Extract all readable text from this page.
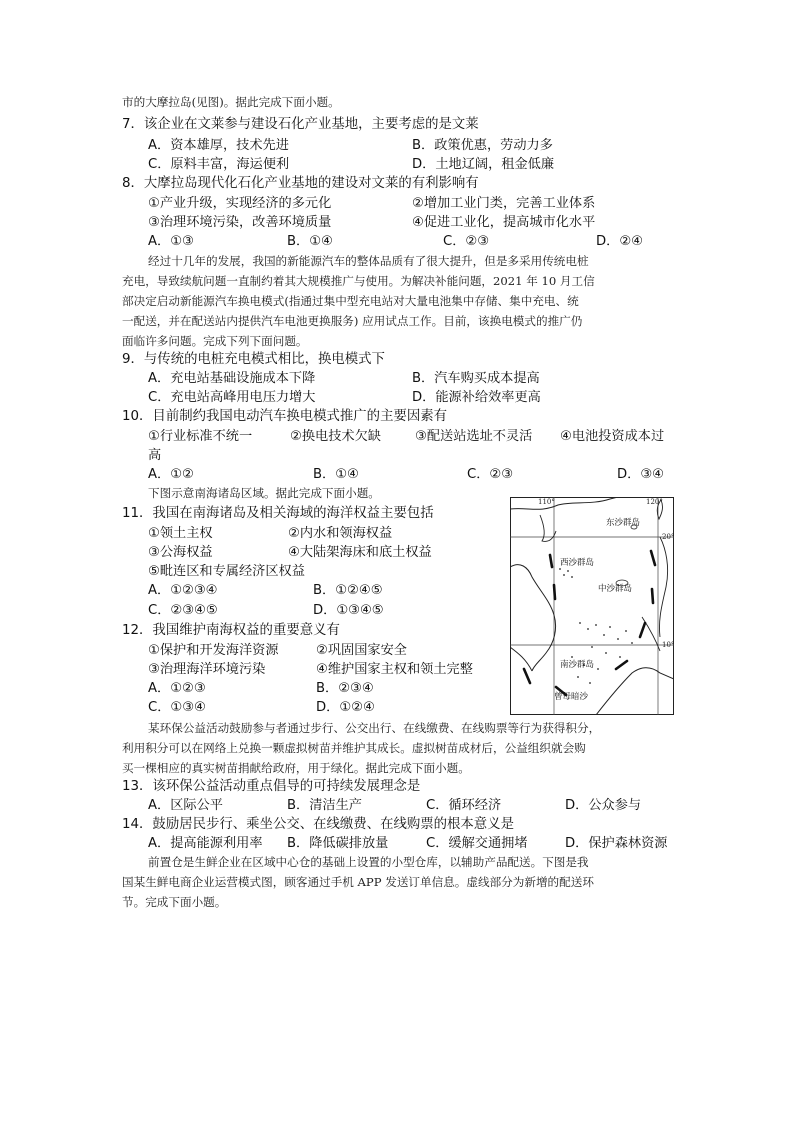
市的大摩拉岛(见图)。据此完成下面小题。
7．该企业在文莱参与建设石化产业基地，主要考虑的是文莱
A．资本雄厚，技术先进	B．政策优惠，劳动力多
C．原料丰富，海运便利	D．土地辽阔，租金低廉
8．大摩拉岛现代化石化产业基地的建设对文莱的有利影响有
①产业升级，实现经济的多元化	②增加工业门类，完善工业体系
③治理环境污染，改善环境质量	④促进工业化，提高城市化水平
A．①③	B．①④	C．②③	D．②④
经过十几年的发展，我国的新能源汽车的整体品质有了很大提升，但是多采用传统电桩
充电，导致续航问题一直制约着其大规模推广与使用。为解决补能问题，2021 年 10 月工信
部决定启动新能源汽车换电模式(指通过集中型充电站对大量电池集中存储、集中充电、统
一配送，并在配送站内提供汽车电池更换服务) 应用试点工作。目前，该换电模式的推广仍
面临许多问题。完成下列下面问题。
9．与传统的电桩充电模式相比，换电模式下
A．充电站基础设施成本下降	B．汽车购买成本提高
C．充电站高峰用电压力增大	D．能源补给效率更高
10．目前制约我国电动汽车换电模式推广的主要因素有
①行业标准不统一	②换电技术欠缺	③配送站选址不灵活 ④电池投资成本过
高
A．①②	B．①④	C．②③	D．③④
下图示意南海诸岛区域。据此完成下面小题。
11．我国在南海诸岛及相关海域的海洋权益主要包括
①领土主权	②内水和领海权益
③公海权益	④大陆架海床和底土权益
⑤毗连区和专属经济区权益
A．①②③④	B．①②④⑤
C．②③④⑤	D．①③④⑤
12．我国维护南海权益的重要意义有
①保护和开发海洋资源	②巩固国家安全
③治理海洋环境污染	④维护国家主权和领土完整
A．①②③	B．②③④
C．①③④	D．①②④
110°	120°
20°
10°
东沙群岛
西沙群岛
中沙群岛
南沙群岛
曾母暗沙
某环保公益活动鼓励参与者通过步行、公交出行、在线缴费、在线购票等行为获得积分，
利用积分可以在网络上兑换一颗虚拟树苗并维护其成长。虚拟树苗成材后，公益组织就会购
买一棵相应的真实树苗捐献给政府，用于绿化。据此完成下面小题。
13．该环保公益活动重点倡导的可持续发展理念是
A．区际公平	B．清洁生产	C．循环经济	D．公众参与
14．鼓励居民步行、乘坐公交、在线缴费、在线购票的根本意义是
A．提高能源利用率 B．降低碳排放量	C．缓解交通拥堵	D．保护森林资源
前置仓是生鲜企业在区域中心仓的基础上设置的小型仓库，以辅助产品配送。下图是我
国某生鲜电商企业运营模式图，顾客通过手机 APP 发送订单信息。虚线部分为新增的配送环
节。完成下面小题。
